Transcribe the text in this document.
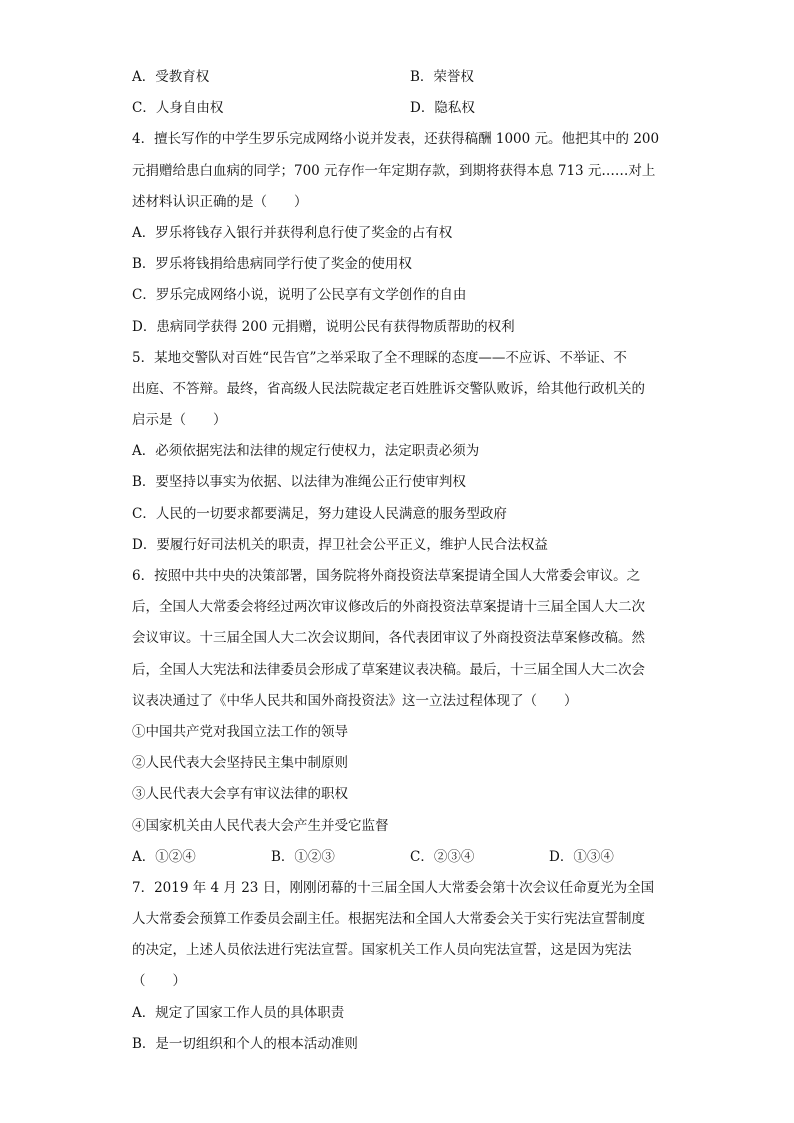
A．受教育权	B．荣誉权
C．人身自由权	D．隐私权
4．擅长写作的中学生罗乐完成网络小说并发表，还获得稿酬 1000 元。他把其中的 200
元捐赠给患白血病的同学；700 元存作一年定期存款，到期将获得本息 713 元……对上
述材料认识正确的是（　　）
A．罗乐将钱存入银行并获得利息行使了奖金的占有权
B．罗乐将钱捐给患病同学行使了奖金的使用权
C．罗乐完成网络小说，说明了公民享有文学创作的自由
D．患病同学获得 200 元捐赠，说明公民有获得物质帮助的权利
5．某地交警队对百姓“民告官”之举采取了全不理睬的态度——不应诉、不举证、不
出庭、不答辩。最终，省高级人民法院裁定老百姓胜诉交警队败诉，给其他行政机关的
启示是（　　）
A．必须依据宪法和法律的规定行使权力，法定职责必须为
B．要坚持以事实为依据、以法律为准绳公正行使审判权
C．人民的一切要求都要满足，努力建设人民满意的服务型政府
D．要履行好司法机关的职责，捍卫社会公平正义，维护人民合法权益
6．按照中共中央的决策部署，国务院将外商投资法草案提请全国人大常委会审议。之
后，全国人大常委会将经过两次审议修改后的外商投资法草案提请十三届全国人大二次
会议审议。十三届全国人大二次会议期间，各代表团审议了外商投资法草案修改稿。然
后，全国人大宪法和法律委员会形成了草案建议表决稿。最后，十三届全国人大二次会
议表决通过了《中华人民共和国外商投资法》这一立法过程体现了（　　）
①中国共产党对我国立法工作的领导
②人民代表大会坚持民主集中制原则
③人民代表大会享有审议法律的职权
④国家机关由人民代表大会产生并受它监督
A．①②④	B．①②③	C．②③④	D．①③④
7．2019 年 4 月 23 日，刚刚闭幕的十三届全国人大常委会第十次会议任命夏光为全国
人大常委会预算工作委员会副主任。根据宪法和全国人大常委会关于实行宪法宣誓制度
的决定，上述人员依法进行宪法宣誓。国家机关工作人员向宪法宣誓，这是因为宪法
（　　）
A．规定了国家工作人员的具体职责
B．是一切组织和个人的根本活动准则
